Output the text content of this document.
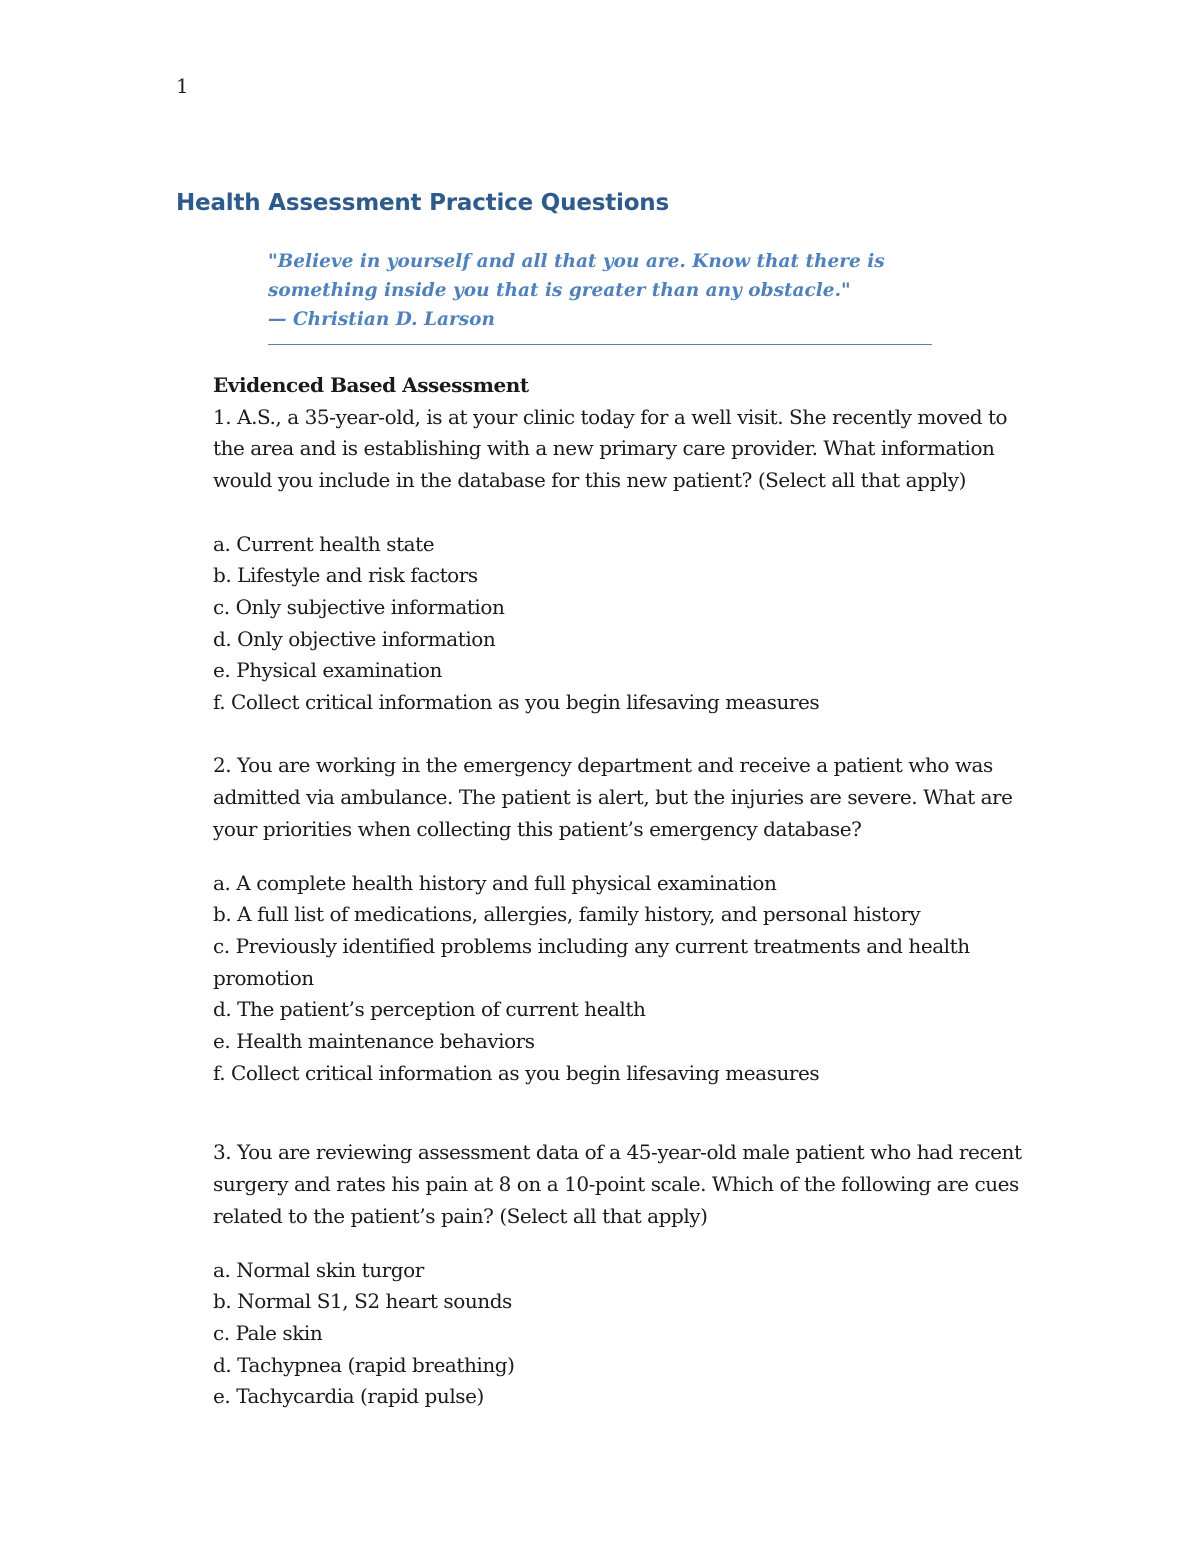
1
Health Assessment Practice Questions
"Believe in yourself and all that you are. Know that there is
something inside you that is greater than any obstacle."
— Christian D. Larson

Evidenced Based Assessment

1. A.S., a 35-year-old, is at your clinic today for a well visit. She recently moved to the area and is establishing with a new primary care provider. What information would you include in the database for this new patient? (Select all that apply)

a. Current health state
b. Lifestyle and risk factors
c. Only subjective information
d. Only objective information
e. Physical examination
f. Collect critical information as you begin lifesaving measures

2. You are working in the emergency department and receive a patient who was admitted via ambulance. The patient is alert, but the injuries are severe. What are your priorities when collecting this patient’s emergency database?

a. A complete health history and full physical examination
b. A full list of medications, allergies, family history, and personal history
c. Previously identified problems including any current treatments and health promotion
d. The patient’s perception of current health
e. Health maintenance behaviors
f. Collect critical information as you begin lifesaving measures

3. You are reviewing assessment data of a 45-year-old male patient who had recent surgery and rates his pain at 8 on a 10-point scale. Which of the following are cues related to the patient’s pain? (Select all that apply)

a. Normal skin turgor
b. Normal S1, S2 heart sounds
c. Pale skin
d. Tachypnea (rapid breathing)
e. Tachycardia (rapid pulse)
